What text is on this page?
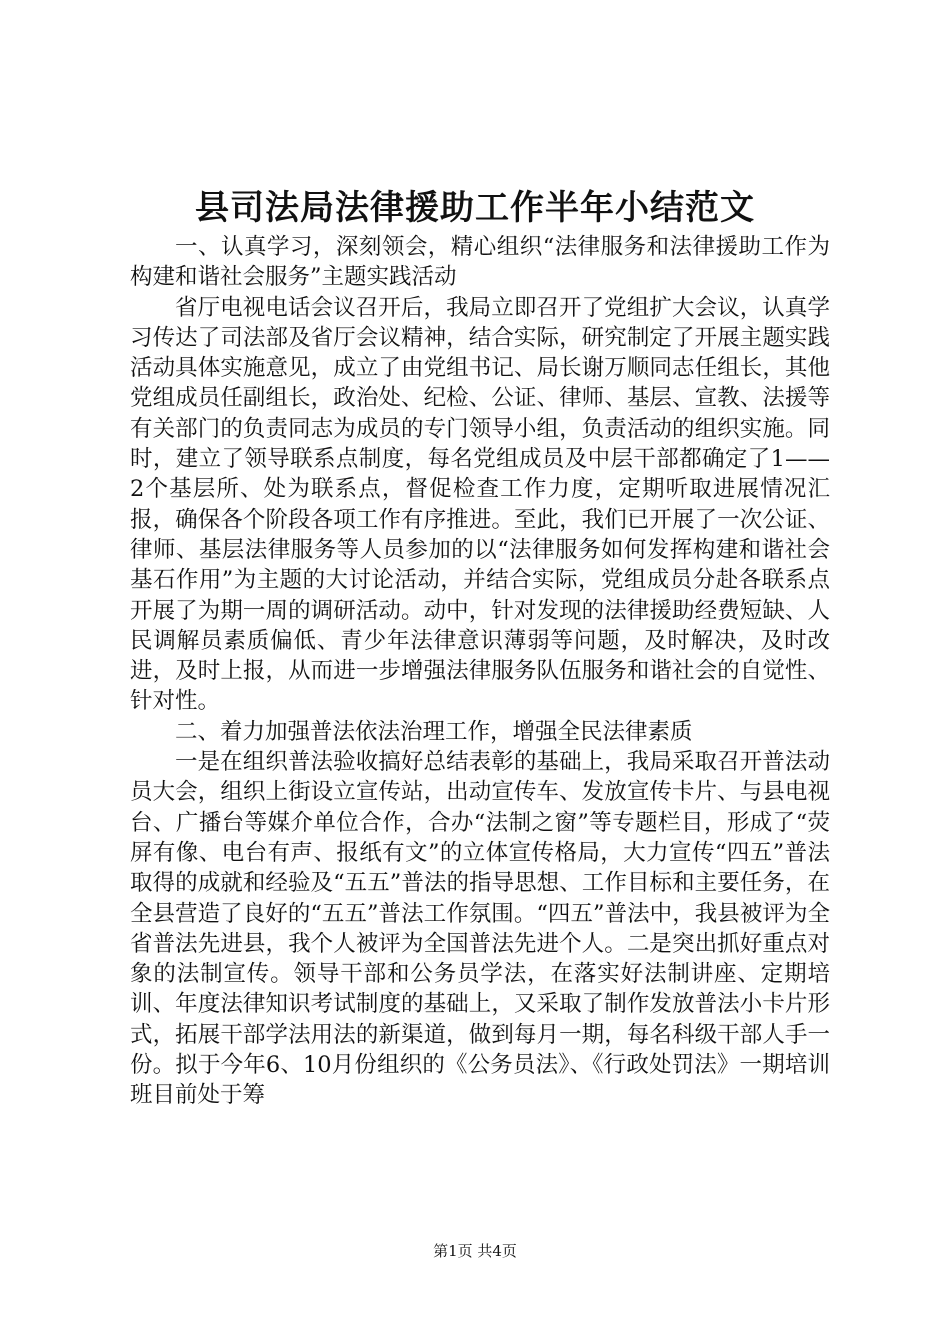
县司法局法律援助工作半年小结范文

一、认真学习，深刻领会，精心组织“法律服务和法律援助工作为构建和谐社会服务”主题实践活动

省厅电视电话会议召开后，我局立即召开了党组扩大会议，认真学习传达了司法部及省厅会议精神，结合实际，研究制定了开展主题实践活动具体实施意见，成立了由党组书记、局长谢万顺同志任组长，其他党组成员任副组长，政治处、纪检、公证、律师、基层、宣教、法援等有关部门的负责同志为成员的专门领导小组，负责活动的组织实施。同时，建立了领导联系点制度，每名党组成员及中层干部都确定了1——2个基层所、处为联系点，督促检查工作力度，定期听取进展情况汇报，确保各个阶段各项工作有序推进。至此，我们已开展了一次公证、律师、基层法律服务等人员参加的以“法律服务如何发挥构建和谐社会基石作用”为主题的大讨论活动，并结合实际，党组成员分赴各联系点开展了为期一周的调研活动。动中，针对发现的法律援助经费短缺、人民调解员素质偏低、青少年法律意识薄弱等问题，及时解决，及时改进，及时上报，从而进一步增强法律服务队伍服务和谐社会的自觉性、针对性。

二、着力加强普法依法治理工作，增强全民法律素质

一是在组织普法验收搞好总结表彰的基础上，我局采取召开普法动员大会，组织上街设立宣传站，出动宣传车、发放宣传卡片、与县电视台、广播台等媒介单位合作，合办“法制之窗”等专题栏目，形成了“荧屏有像、电台有声、报纸有文”的立体宣传格局，大力宣传“四五”普法取得的成就和经验及“五五”普法的指导思想、工作目标和主要任务，在全县营造了良好的“五五”普法工作氛围。“四五”普法中，我县被评为全省普法先进县，我个人被评为全国普法先进个人。二是突出抓好重点对象的法制宣传。领导干部和公务员学法，在落实好法制讲座、定期培训、年度法律知识考试制度的基础上，又采取了制作发放普法小卡片形式，拓展干部学法用法的新渠道，做到每月一期，每名科级干部人手一份。拟于今年6、10月份组织的《公务员法》、《行政处罚法》一期培训班目前处于筹

第1页 共4页
